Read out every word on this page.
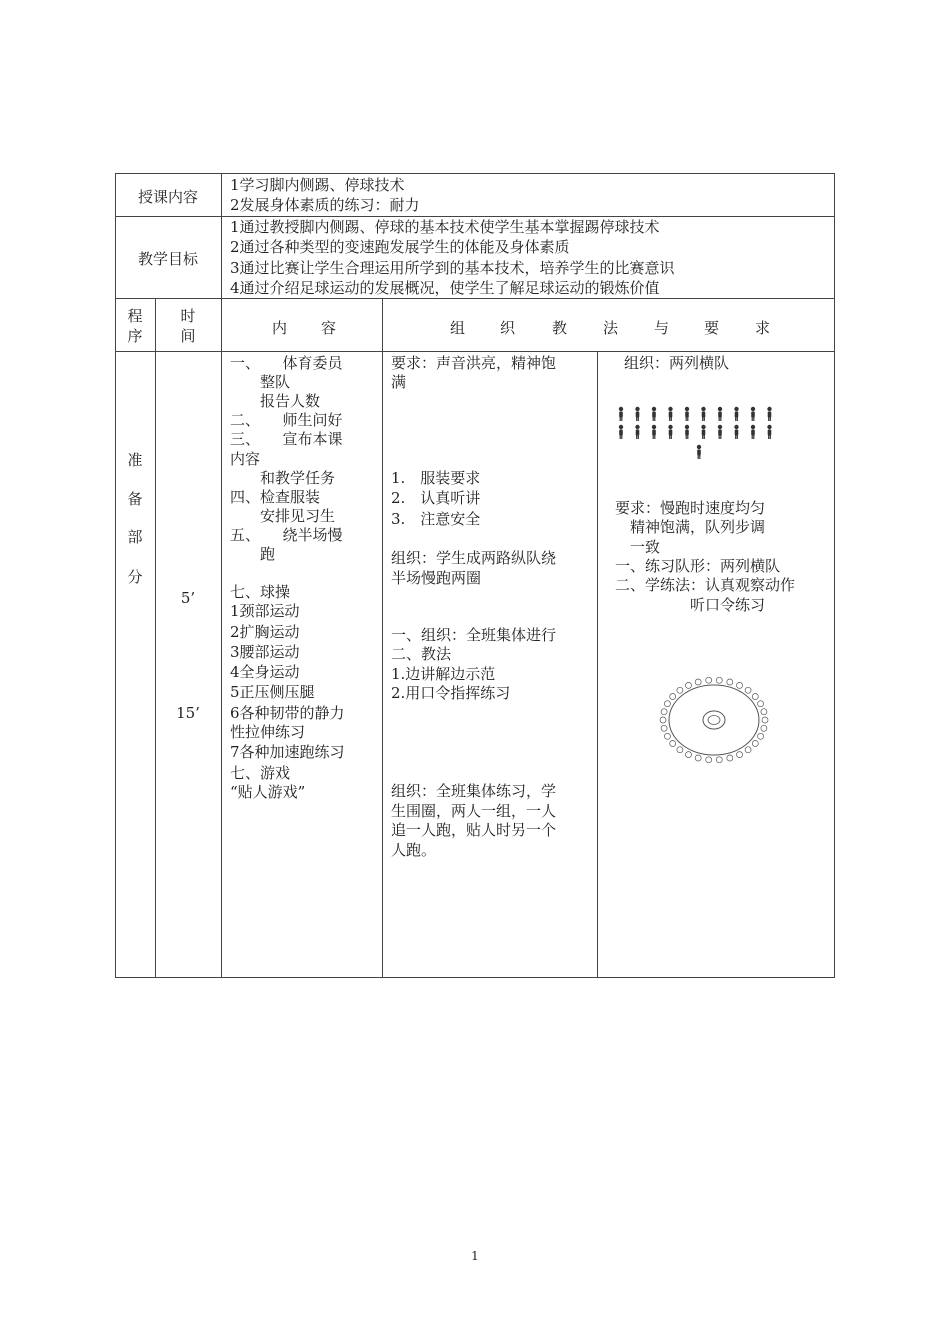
授课内容
1学习脚内侧踢、停球技术
2发展身体素质的练习：耐力
教学目标
1通过教授脚内侧踢、停球的基本技术使学生基本掌握踢停球技术
2通过各种类型的变速跑发展学生的体能及身体素质
3通过比赛让学生合理运用所学到的基本技术，培养学生的比赛意识
4通过介绍足球运动的发展概况，使学生了解足球运动的锻炼价值
程
序
时
间	内 容	组 织 教 法 与 要 求
准
备
部
分
5’
15’
一、　　体育委员
　　整队
　　报告人数
二、　　师生问好
三、　　宣布本课
内容
　　和教学任务
四、检查服装
　　安排见习生
五、　　绕半场慢
　　跑
七、球操
1颈部运动
2扩胸运动
3腰部运动
4全身运动
5正压侧压腿
6各种韧带的静力
性拉伸练习
7各种加速跑练习
七、游戏
“贴人游戏”
要求：声音洪亮，精神饱
满
1.　服装要求
2.　认真听讲
3.　注意安全
组织：学生成两路纵队绕
半场慢跑两圈
一、组织：全班集体进行
二、教法
1.边讲解边示范
2.用口令指挥练习
组织：全班集体练习，学
生围圈，两人一组，一人
追一人跑，贴人时另一个
人跑。
组织：两列横队
要求：慢跑时速度均匀
　精神饱满，队列步调
　一致
一、练习队形：两列横队
二、学练法：认真观察动作
　　　　　听口令练习
1
